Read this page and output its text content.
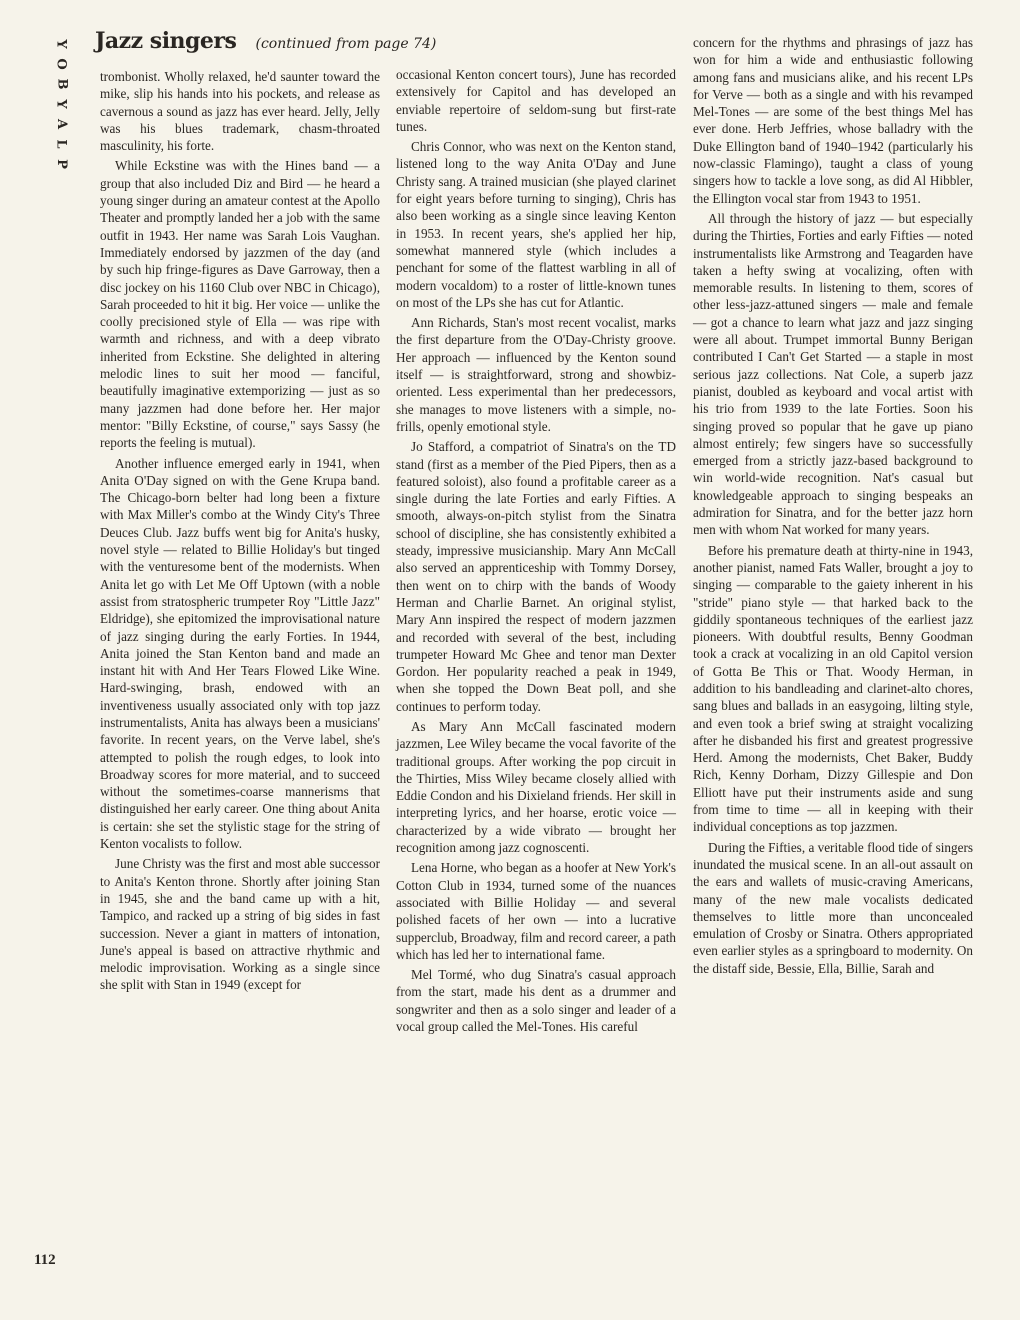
Y
O
B
Y
A
L
P
Jazz singers (continued from page 74)

trombonist. Wholly relaxed, he'd saunter toward the mike, slip his hands into his pockets, and release as cavernous a sound as jazz has ever heard. Jelly, Jelly was his blues trademark, chasm-throated masculinity, his forte.

While Eckstine was with the Hines band — a group that also included Diz and Bird — he heard a young singer during an amateur contest at the Apollo Theater and promptly landed her a job with the same outfit in 1943. Her name was Sarah Lois Vaughan. Immediately endorsed by jazzmen of the day (and by such hip fringe-figures as Dave Garroway, then a disc jockey on his 1160 Club over NBC in Chicago), Sarah proceeded to hit it big. Her voice — unlike the coolly precisioned style of Ella — was ripe with warmth and richness, and with a deep vibrato inherited from Eckstine. She delighted in altering melodic lines to suit her mood — fanciful, beautifully imaginative extemporizing — just as so many jazzmen had done before her. Her major mentor: "Billy Eckstine, of course," says Sassy (he reports the feeling is mutual).

Another influence emerged early in 1941, when Anita O'Day signed on with the Gene Krupa band. The Chicago-born belter had long been a fixture with Max Miller's combo at the Windy City's Three Deuces Club. Jazz buffs went big for Anita's husky, novel style — related to Billie Holiday's but tinged with the venturesome bent of the modernists. When Anita let go with Let Me Off Uptown (with a noble assist from stratospheric trumpeter Roy "Little Jazz" Eldridge), she epitomized the improvisational nature of jazz singing during the early Forties. In 1944, Anita joined the Stan Kenton band and made an instant hit with And Her Tears Flowed Like Wine. Hard-swinging, brash, endowed with an inventiveness usually associated only with top jazz instrumentalists, Anita has always been a musicians' favorite. In recent years, on the Verve label, she's attempted to polish the rough edges, to look into Broadway scores for more material, and to succeed without the sometimes-coarse mannerisms that distinguished her early career. One thing about Anita is certain: she set the stylistic stage for the string of Kenton vocalists to follow.

June Christy was the first and most able successor to Anita's Kenton throne. Shortly after joining Stan in 1945, she and the band came up with a hit, Tampico, and racked up a string of big sides in fast succession. Never a giant in matters of intonation, June's appeal is based on attractive rhythmic and melodic improvisation. Working as a single since she split with Stan in 1949 (except for

occasional Kenton concert tours), June has recorded extensively for Capitol and has developed an enviable repertoire of seldom-sung but first-rate tunes.

Chris Connor, who was next on the Kenton stand, listened long to the way Anita O'Day and June Christy sang. A trained musician (she played clarinet for eight years before turning to singing), Chris has also been working as a single since leaving Kenton in 1953. In recent years, she's applied her hip, somewhat mannered style (which includes a penchant for some of the flattest warbling in all of modern vocaldom) to a roster of little-known tunes on most of the LPs she has cut for Atlantic.

Ann Richards, Stan's most recent vocalist, marks the first departure from the O'Day-Christy groove. Her approach — influenced by the Kenton sound itself — is straightforward, strong and showbiz-oriented. Less experimental than her predecessors, she manages to move listeners with a simple, no-frills, openly emotional style.

Jo Stafford, a compatriot of Sinatra's on the TD stand (first as a member of the Pied Pipers, then as a featured soloist), also found a profitable career as a single during the late Forties and early Fifties. A smooth, always-on-pitch stylist from the Sinatra school of discipline, she has consistently exhibited a steady, impressive musicianship. Mary Ann McCall also served an apprenticeship with Tommy Dorsey, then went on to chirp with the bands of Woody Herman and Charlie Barnet. An original stylist, Mary Ann inspired the respect of modern jazzmen and recorded with several of the best, including trumpeter Howard Mc Ghee and tenor man Dexter Gordon. Her popularity reached a peak in 1949, when she topped the Down Beat poll, and she continues to perform today.

As Mary Ann McCall fascinated modern jazzmen, Lee Wiley became the vocal favorite of the traditional groups. After working the pop circuit in the Thirties, Miss Wiley became closely allied with Eddie Condon and his Dixieland friends. Her skill in interpreting lyrics, and her hoarse, erotic voice — characterized by a wide vibrato — brought her recognition among jazz cognoscenti.

Lena Horne, who began as a hoofer at New York's Cotton Club in 1934, turned some of the nuances associated with Billie Holiday — and several polished facets of her own — into a lucrative supperclub, Broadway, film and record career, a path which has led her to international fame.

Mel Tormé, who dug Sinatra's casual approach from the start, made his dent as a drummer and songwriter and then as a solo singer and leader of a vocal group called the Mel-Tones. His careful

concern for the rhythms and phrasings of jazz has won for him a wide and enthusiastic following among fans and musicians alike, and his recent LPs for Verve — both as a single and with his revamped Mel-Tones — are some of the best things Mel has ever done. Herb Jeffries, whose balladry with the Duke Ellington band of 1940–1942 (particularly his now-classic Flamingo), taught a class of young singers how to tackle a love song, as did Al Hibbler, the Ellington vocal star from 1943 to 1951.

All through the history of jazz — but especially during the Thirties, Forties and early Fifties — noted instrumentalists like Armstrong and Teagarden have taken a hefty swing at vocalizing, often with memorable results. In listening to them, scores of other less-jazz-attuned singers — male and female — got a chance to learn what jazz and jazz singing were all about. Trumpet immortal Bunny Berigan contributed I Can't Get Started — a staple in most serious jazz collections. Nat Cole, a superb jazz pianist, doubled as keyboard and vocal artist with his trio from 1939 to the late Forties. Soon his singing proved so popular that he gave up piano almost entirely; few singers have so successfully emerged from a strictly jazz-based background to win world-wide recognition. Nat's casual but knowledgeable approach to singing bespeaks an admiration for Sinatra, and for the better jazz horn men with whom Nat worked for many years.

Before his premature death at thirty-nine in 1943, another pianist, named Fats Waller, brought a joy to singing — comparable to the gaiety inherent in his "stride" piano style — that harked back to the giddily spontaneous techniques of the earliest jazz pioneers. With doubtful results, Benny Goodman took a crack at vocalizing in an old Capitol version of Gotta Be This or That. Woody Herman, in addition to his bandleading and clarinet-alto chores, sang blues and ballads in an easygoing, lilting style, and even took a brief swing at straight vocalizing after he disbanded his first and greatest progressive Herd. Among the modernists, Chet Baker, Buddy Rich, Kenny Dorham, Dizzy Gillespie and Don Elliott have put their instruments aside and sung from time to time — all in keeping with their individual conceptions as top jazzmen.

During the Fifties, a veritable flood tide of singers inundated the musical scene. In an all-out assault on the ears and wallets of music-craving Americans, many of the new male vocalists dedicated themselves to little more than unconcealed emulation of Crosby or Sinatra. Others appropriated even earlier styles as a springboard to modernity. On the distaff side, Bessie, Ella, Billie, Sarah and

112
